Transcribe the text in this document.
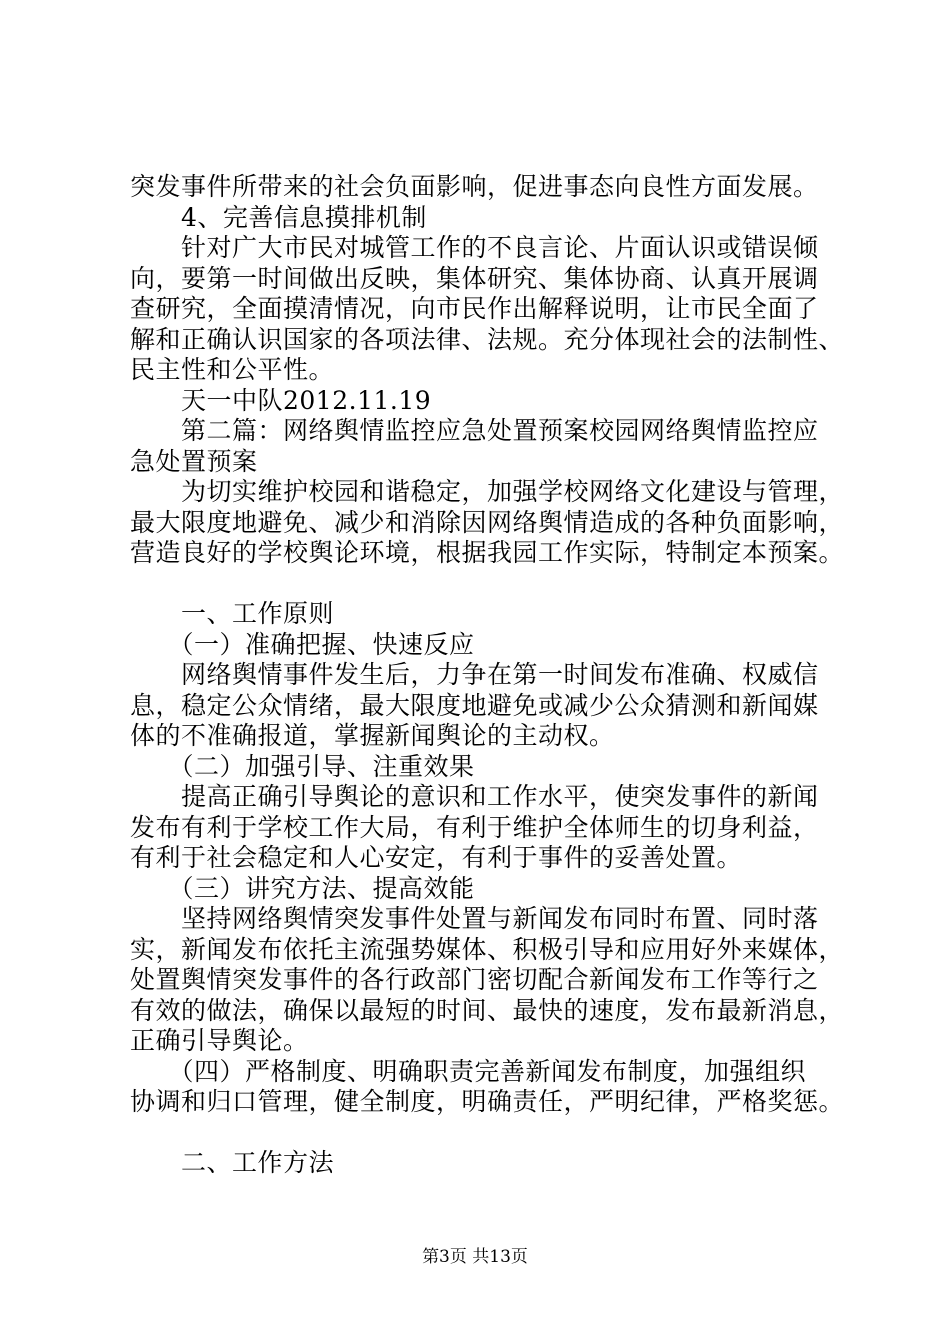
突发事件所带来的社会负面影响，促进事态向良性方面发展。
　　4、完善信息摸排机制
　　针对广大市民对城管工作的不良言论、片面认识或错误倾
向，要第一时间做出反映，集体研究、集体协商、认真开展调
查研究，全面摸清情况，向市民作出解释说明，让市民全面了
解和正确认识国家的各项法律、法规。充分体现社会的法制性、
民主性和公平性。
　　天一中队2012.11.19
　　第二篇：网络舆情监控应急处置预案校园网络舆情监控应
急处置预案
　　为切实维护校园和谐稳定，加强学校网络文化建设与管理，
最大限度地避免、减少和消除因网络舆情造成的各种负面影响，
营造良好的学校舆论环境，根据我园工作实际，特制定本预案。
　　一、工作原则
　　（一）准确把握、快速反应
　　网络舆情事件发生后，力争在第一时间发布准确、权威信
息，稳定公众情绪，最大限度地避免或减少公众猜测和新闻媒
体的不准确报道，掌握新闻舆论的主动权。
　　（二）加强引导、注重效果
　　提高正确引导舆论的意识和工作水平，使突发事件的新闻
发布有利于学校工作大局，有利于维护全体师生的切身利益，
有利于社会稳定和人心安定，有利于事件的妥善处置。
　　（三）讲究方法、提高效能
　　坚持网络舆情突发事件处置与新闻发布同时布置、同时落
实，新闻发布依托主流强势媒体、积极引导和应用好外来媒体，
处置舆情突发事件的各行政部门密切配合新闻发布工作等行之
有效的做法，确保以最短的时间、最快的速度，发布最新消息，
正确引导舆论。
　　（四）严格制度、明确职责完善新闻发布制度，加强组织
协调和归口管理，健全制度，明确责任，严明纪律，严格奖惩。
　　二、工作方法
第3页 共13页
